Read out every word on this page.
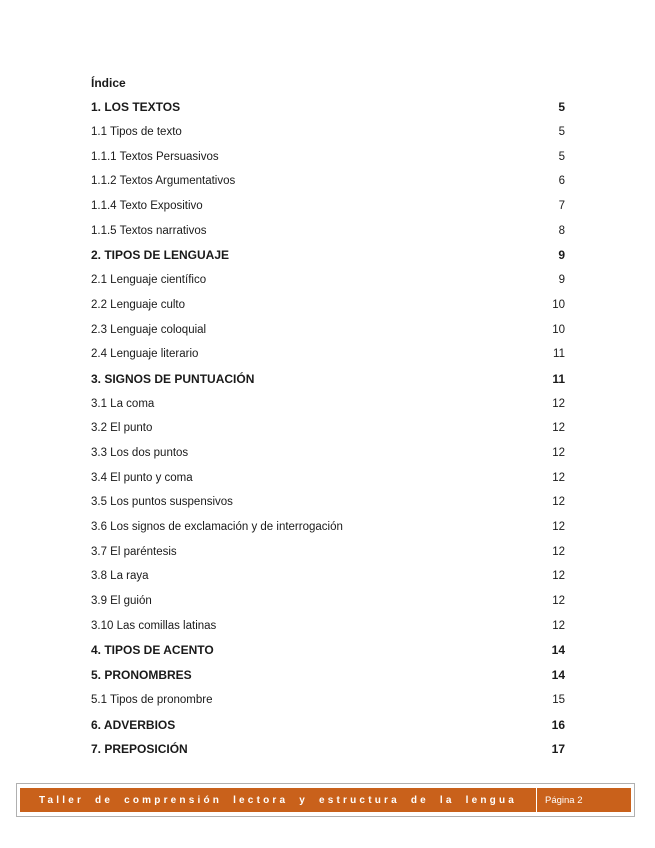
Índice
1. LOS TEXTOS	5
1.1 Tipos de texto	5
1.1.1 Textos Persuasivos	5
1.1.2 Textos Argumentativos	6
1.1.4 Texto Expositivo	7
1.1.5 Textos narrativos	8
2. TIPOS DE LENGUAJE	9
2.1 Lenguaje científico	9
2.2 Lenguaje culto	10
2.3 Lenguaje coloquial	10
2.4 Lenguaje literario	11
3. SIGNOS DE PUNTUACIÓN	11
3.1 La coma	12
3.2 El punto	12
3.3 Los dos puntos	12
3.4 El punto y coma	12
3.5 Los puntos suspensivos	12
3.6 Los signos de exclamación y de interrogación	12
3.7 El paréntesis	12
3.8 La raya	12
3.9 El guión	12
3.10 Las comillas latinas	12
4. TIPOS DE ACENTO	14
5. PRONOMBRES	14
5.1 Tipos de pronombre	15
6. ADVERBIOS	16
7. PREPOSICIÓN	17
Taller de comprensión lectora y estructura de la lengua	Página 2
